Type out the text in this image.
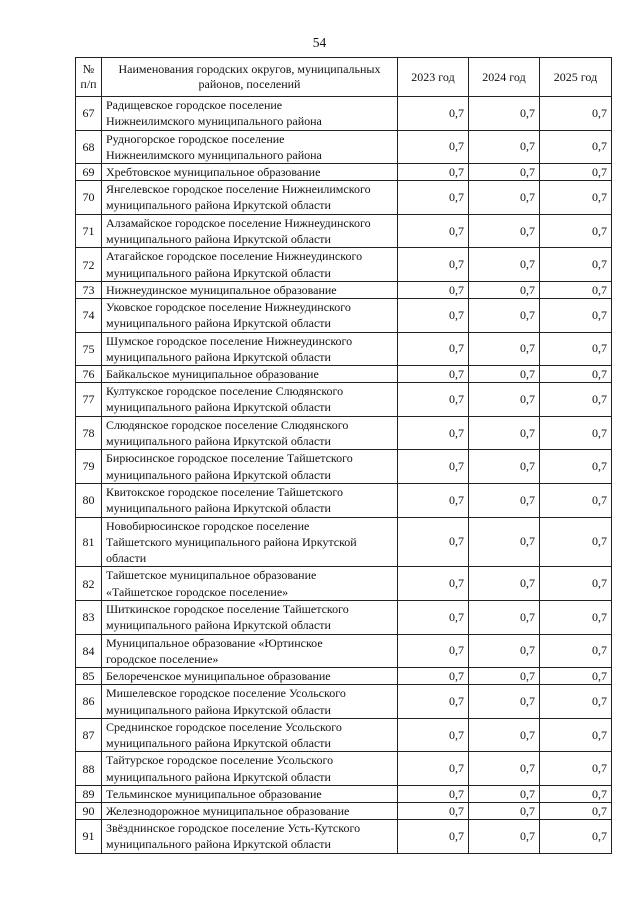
54
№
п/п	Наименования городских округов, муниципальных
районов, поселений	2023 год	2024 год	2025 год
67	Радищевское городское поселение
Нижнеилимского муниципального района	0,7	0,7	0,7
68	Рудногорское городское поселение
Нижнеилимского муниципального района	0,7	0,7	0,7
69	Хребтовское муниципальное образование	0,7	0,7	0,7
70	Янгелевское городское поселение Нижнеилимского
муниципального района Иркутской области	0,7	0,7	0,7
71	Алзамайское городское поселение Нижнеудинского
муниципального района Иркутской области	0,7	0,7	0,7
72	Атагайское городское поселение Нижнеудинского
муниципального района Иркутской области	0,7	0,7	0,7
73	Нижнеудинское муниципальное образование	0,7	0,7	0,7
74	Уковское городское поселение Нижнеудинского
муниципального района Иркутской области	0,7	0,7	0,7
75	Шумское городское поселение Нижнеудинского
муниципального района Иркутской области	0,7	0,7	0,7
76	Байкальское муниципальное образование	0,7	0,7	0,7
77	Култукское городское поселение Слюдянского
муниципального района Иркутской области	0,7	0,7	0,7
78	Слюдянское городское поселение Слюдянского
муниципального района Иркутской области	0,7	0,7	0,7
79	Бирюсинское городское поселение Тайшетского
муниципального района Иркутской области	0,7	0,7	0,7
80	Квитокское городское поселение Тайшетского
муниципального района Иркутской области	0,7	0,7	0,7
81	Новобирюсинское городское поселение
Тайшетского муниципального района Иркутской
области	0,7	0,7	0,7
82	Тайшетское муниципальное образование
«Тайшетское городское поселение»	0,7	0,7	0,7
83	Шиткинское городское поселение Тайшетского
муниципального района Иркутской области	0,7	0,7	0,7
84	Муниципальное образование «Юртинское
городское поселение»	0,7	0,7	0,7
85	Белореченское муниципальное образование	0,7	0,7	0,7
86	Мишелевское городское поселение Усольского
муниципального района Иркутской области	0,7	0,7	0,7
87	Среднинское городское поселение Усольского
муниципального района Иркутской области	0,7	0,7	0,7
88	Тайтурское городское поселение Усольского
муниципального района Иркутской области	0,7	0,7	0,7
89	Тельминское муниципальное образование	0,7	0,7	0,7
90	Железнодорожное муниципальное образование	0,7	0,7	0,7
91	Звёзднинское городское поселение Усть-Кутского
муниципального района Иркутской области	0,7	0,7	0,7
